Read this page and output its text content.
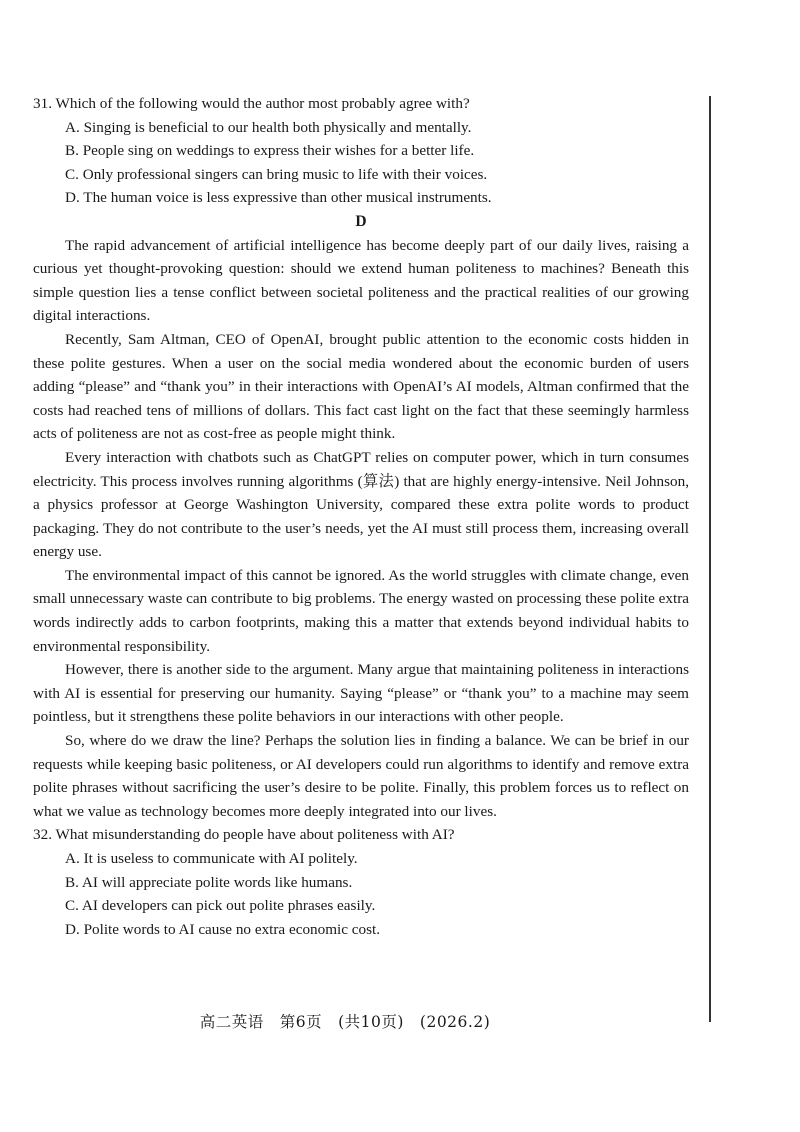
31. Which of the following would the author most probably agree with?

A. Singing is beneficial to our health both physically and mentally.

B. People sing on weddings to express their wishes for a better life.

C. Only professional singers can bring music to life with their voices.

D. The human voice is less expressive than other musical instruments.

D

The rapid advancement of artificial intelligence has become deeply part of our daily lives, raising a curious yet thought-provoking question: should we extend human politeness to machines? Beneath this simple question lies a tense conflict between societal politeness and the practical realities of our growing digital interactions.

Recently, Sam Altman, CEO of OpenAI, brought public attention to the economic costs hidden in these polite gestures. When a user on the social media wondered about the economic burden of users adding “please” and “thank you” in their interactions with OpenAI’s AI models, Altman confirmed that the costs had reached tens of millions of dollars. This fact cast light on the fact that these seemingly harmless acts of politeness are not as cost-free as people might think.

Every interaction with chatbots such as ChatGPT relies on computer power, which in turn consumes electricity. This process involves running algorithms (算法) that are highly energy-intensive. Neil Johnson, a physics professor at George Washington University, compared these extra polite words to product packaging. They do not contribute to the user’s needs, yet the AI must still process them, increasing overall energy use.

The environmental impact of this cannot be ignored. As the world struggles with climate change, even small unnecessary waste can contribute to big problems. The energy wasted on processing these polite extra words indirectly adds to carbon footprints, making this a matter that extends beyond individual habits to environmental responsibility.

However, there is another side to the argument. Many argue that maintaining politeness in interactions with AI is essential for preserving our humanity. Saying “please” or “thank you” to a machine may seem pointless, but it strengthens these polite behaviors in our interactions with other people.

So, where do we draw the line? Perhaps the solution lies in finding a balance. We can be brief in our requests while keeping basic politeness, or AI developers could run algorithms to identify and remove extra polite phrases without sacrificing the user’s desire to be polite. Finally, this problem forces us to reflect on what we value as technology becomes more deeply integrated into our lives.

32. What misunderstanding do people have about politeness with AI?

A. It is useless to communicate with AI politely.

B. AI will appreciate polite words like humans.

C. AI developers can pick out polite phrases easily.

D. Polite words to AI cause no extra economic cost.

高二英语　第6页　(共10页)　(2026.2)
